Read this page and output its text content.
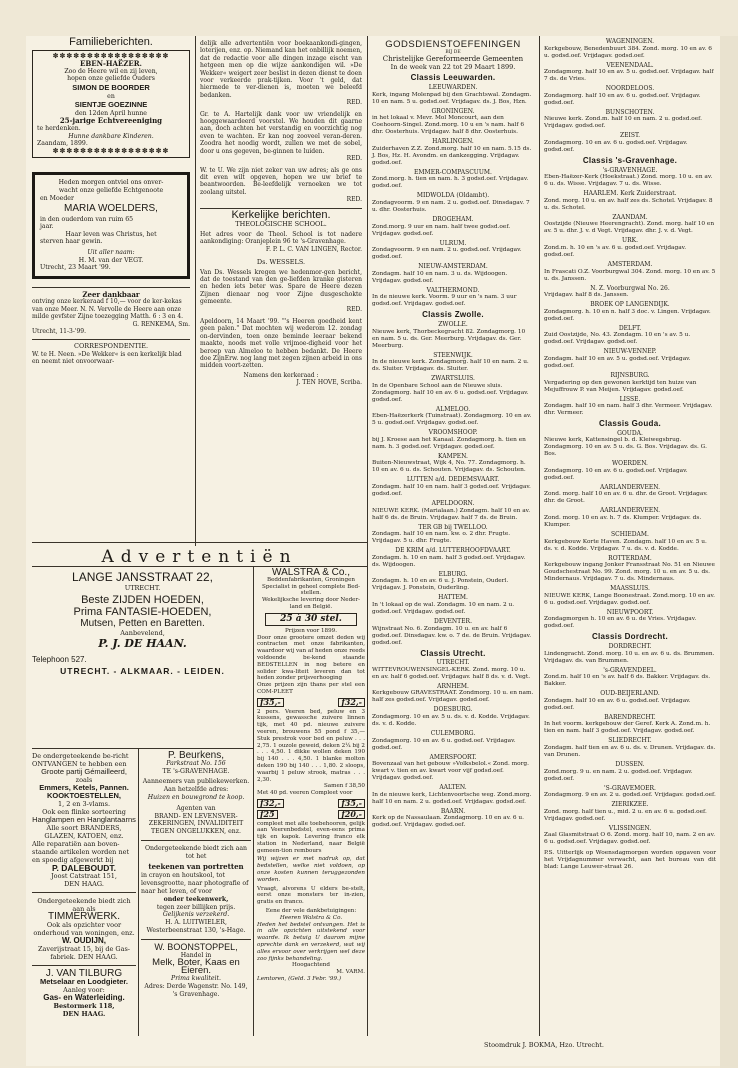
Familieberichten.
✽✽✽✽✽✽✽✽✽✽✽✽✽✽✽✽✽
EBEN-HAËZER.
Zoo de Heere wil en zij leven,
hopen onze geliefde Ouders
SIMON DE BOORDER
en
SIENTJE GOEZINNE
den 12den April hunne
25-jarige Echtvereeniging
te herdenken.
Hunne dankbare Kinderen.
Zaandam, 1899.
✽✽✽✽✽✽✽✽✽✽✽✽✽✽✽✽✽
Heden morgen ontviel ons onver-
wacht onze geliefde Echtgenoote
en Moeder
MARIA WOELDERS,
in den ouderdom van ruim 65
jaar.
Haar leven was Christus, het
sterven haar gewin.
Uit aller naam:
H. M. van der VEGT.
Utrecht, 23 Maart '99.
Zeer dankbaar
ontving onze kerkeraad f 10,— voor de ker-kekas van onze Meer. N. N. Vervolle de Heere aan onze milde gevfster Zijne toezegging Matth. 6 : 3 en 4.
G. RENKEMA, Sm.
Utrecht, 11-3-'99.
CORRESPONDENTIE.
W. te H. Neen. »De Wekker« is een kerkelijk blad en neemt niet onvoorwaar-
delijk alle advertentiën voor boekaankondi-gingen, loterijen, enz. op. Niemand kan het onbillijk noemen, dat de redactie voor alle dingen inzage eischt van hetgeen men op die wijze aankondigen wil. »De Wekker« weigert zeer beslist in dezen dienst te doen voor verkeerde prak-tijken. Voor 't geld, dat hiermede te ver-dienen is, moeten we beleefd bedanken.
RED.
Gr. te A. Hartelijk dank voor uw vriendelijk en hooggewaardeerd voorstel. We houden dit gaarne aan, doch achten het verstandig en voorzichtig nog even te wachten. Er kan nog zooveel veran-deren. Zoodra het noodig wordt, zullen we met de sobel, door u ons gegeven, be-ginnen te luiden.
RED.
W. te U. We zijn niet zeker van uw adres; als ge ons dit even wilt opgeven, hopen we uw brief te beantwoorden. Be-leefdelijk vernoeken we tot zoolang uitstel.
RED.
Kerkelijke berichten.
THEOLOGISCHE SCHOOL.
Het adres voor de Theol. School is tot nadere aankondiging: Oranjeplein 96 te 's-Gravenhage.
F. P. L. C. VAN LINGEN, Rector.
Ds. WESSELS.
Van Ds. Wessels kregen we hedenmor-gen bericht, dat de toestand van den ge-liefden kranke gisteren en heden iets beter was. Spare de Heere dezen Zijnen dienaar nog voor Zijne dusgeschokte gemeente.
RED.
Apeldoorn, 14 Maart '99. "'s Heeren goedheid kent geen palen." Dat mochten wij wederom 12. zondag on-dervinden, toen onze beminde leeraar bekend maakte, noods met volle vrijmoe-digheid voor het beroep van Almeloo te hebben bedankt. De Heere doe ZijnErw. nog lang met zegen zijnen arbeid in ons midden voort-zetten.
Namens den kerkeraad :
J. TEN HOVE, Scriba.
Advertentiën
LANGE JANSSTRAAT 22,
UTRECHT.
Beste ZIJDEN HOEDEN,
Prima FANTASIE-HOEDEN,
Mutsen, Petten en Baretten.
Aanbevelend,
P. J. DE HAAN.
Telephoon 527.
UTRECHT. - ALKMAAR. - LEIDEN.
De ondergeteekende be-richt ONTVANGEN te hebben een
Groote partij Gémailleerd,
zoals
Emmers, Ketels, Pannen.
KOOKTOESTELLEN,
1, 2 en 3-vlams.
Ook een flinke sorteering
Hanglampen en Hanglantaarns
Alle soort BRANDERS, GLAZEN, KATOEN, enz.
Alle reparatiën aan boven-staande artikelen worden net en spoedig afgewerkt bij
P. DALEBOUDT.
Joost Catstraat 151,
DEN HAAG.
Ondergeteekende biedt zich aan als
TIMMERWERK.
Ook als opzichter voor onderhoud van woningen, enz.
W. OUDIJN,
Zaverijstraat 15, bij de Gas-fabriek. DEN HAAG.
J. VAN TILBURG
Metselaar en Loodgieter.
Aanleg voor:
Gas- en Waterleiding.
Bestormerk 118,
DEN HAAG.
P. Beurkens,
Parkstraat No. 156
TE 's-GRAVENHAGE.
Aanneemers van publiekewerken.
Aan hetzelfde adres:
Huizen en bouwgrond te koop.
Agenten van
BRAND- EN LEVENSVER-ZEKERINGEN, INVALIDITEIT TEGEN ONGELUKKEN, enz.
Ondergeteekende biedt zich aan tot het
teekenen van portretten
in crayon en houtskool, tot levensgrootte, naar photografie of naar het leven, of voor
onder teekenwerk,
tegen zeer billijken prijs.
Gelijkenis verzekerd.
H. A. LUITWIELER,
Westerbeenstraat 130, 's-Hage.
W. BOONSTOPPEL,
Handel in
Melk, Boter, Kaas en
Eieren.
Prima kwaliteit.
Adres: Derde Wagenstr. No. 149, 's Gravenhage.
WALSTRA & Co.,
Beddenfabrikanten, Groningen
Specialist in geheel complete Bed-stellen.
Wekelijksche levering door Neder-land en België.
25 à 30 stel.
Prijzen voor 1899.
Door onze grootere omzet deden wij contracten met onze fabrikanten, waardoor wij van af heden onze reeds voldoende be-kend staande BEDSTELLEN in nog betere en solider kwa-liteit leveren dan tot heden zonder prijsverhooging
Onze prijzen zijn thans per stel een COM-PLEET
f35,-	f32,-
2 pers. Veeren bed, peluw en 3 kussens, gewassche zuivere linnen tijk, met 40 pd. nieuwe zuivere veeren, brouwens 55 pond f 35,— Stuk prestrok voor bed en peluw . . . 2,75. 1 ouzole geweid, deken 2¼ bij 2 . . . 4,50. 1 dikke wollen deken 190 bij 140 . . . 4,50. 1 blanke molton deken 190 bij 140 . . . 1,80. 2 sloops, waarbij 1 peluw strook, matras . . . 2,30.
Samen f 38,50
Met 40 pd. veeren Compleet voor
f32,-	f35,-
f25	f20,-
compleet met alle toebehooren, gelijk aan Veerenbedstel, even-eens prima tijk en kapok. Levering franco elk station in Nederland, naar België gemeen-tion rembours
Wij wijzen er met nadruk op, dat bedstellen, welke niet voldoen, op onze kosten kunnen teruggezonden worden.
Vraagt, alvorens U elders be-stelt, eerst onze monsters ter in-zien, gratis en franco.
Eene der vele dankbetuigingen:
Heeren Walstra & Co.
Heden het bedstel ontvangen. Het is in alle opzichten uitstekend voor waarde. Ik betuig U daarom mijne oprechte dank en verzekerd, wat wij alles ervoor over verkrijgen wel deze zoo fijnks behandeling.
Hoogachtend
M. VARM.
Lemtoren, (Geld. 3 Febr. '99.)
GODSDIENSTOEFENINGEN
BIJ DE
Christelijke Gereformeerde Gemeenten
In de week van 22 tot 29 Maart 1899.
Classis Leeuwarden.
LEEUWARDEN.
Kerk, ingang Molenpad bij den Grachtswal. Zondagm. 10 en nam. 5 u. godsd.oef. Vrijdagav. ds. J. Bos, Hzn.
GRONINGEN.
in het lokaal v. Mevr. Mol Moncourt, aan den Coehoorn-Singel. Zond.morg. 10 u en 's nam. half 6 dhr. Oosterhuis. Vrijdagav. half 8 dhr. Oosterhuis.
HARLINGEN.
Zuiderhaven Z.Z. Zond.morg. half 10 en nam. 5.15 ds. J. Bos, Hz. H. Avondm. en dankzegging. Vrijdagav. godsd.oef.
EMMER-COMPASCUUM.
Zond.morg. h. tien en nam. h. 3 godsd.oef. Vrijdagav. godsd.oef.
MIDWOLDA (Oldambt).
Zondagvoorm. 9 en nam. 2 u. godsd.oef. Dinsdagav. 7 u. dhr. Oosterhuis.
DROGEHAM.
Zond.morg. 9 uur en nam. half twee godsd.oef. Vrijdagav. godsd.oef.
ULRUM.
Zondagvoorm. 9 en nam. 2 u. godsd.oef. Vrijdagav. godsd.oef.
NIEUW-AMSTERDAM.
Zondagm. half 10 en nam. 3 u. ds. Wijdoogen. Vrijdagav. godsd.oef.
VALTHERMOND.
In de nieuwe kerk. Voorm. 9 uur en 's nam. 3 uur godsd.oef. Vrijdagav. godsd.oef.
Classis Zwolle.
ZWOLLE.
Nieuwe kerk, Thorbeckegracht 82. Zondagmorg. 10 en nam. 5 u. ds. Ger. Meerburg. Vrijdagav. ds. Ger. Meerburg.
STEENWIJK.
In de nieuwe kerk. Zondagmorg. half 10 en nam. 2 u. ds. Sluiter. Vrijdagav. ds. Sluiter.
ZWARTSLUIS.
In de Openbare School aan de Nieuwe sluis. Zondagmorg. half 10 en av. 6 u. godsd.oef. Vrijdagav. godsd.oef.
ALMELOO.
Eben-Haëzerkerk (Tuinstraat). Zondagmorg. 10 en av. 5 u. godsd.oef. Vrijdagav. godsd.oef.
VROOMSHOOP.
bij J. Kroese aan het Kanaal. Zondagmorg. h. tien en nam. h. 3 godsd.oef. Vrijdagav. godsd.oef.
KAMPEN.
Buiten-Nieuwstraat, Wijk 4, No. 77. Zondagmorg. h. 10 en av. 6 u. ds. Schouten. Vrijdagav. ds. Schouten.
LUTTEN a/d. DEDEMSVAART.
Zondagm. half 10 en nam. half 3 godsd.oef. Vrijdagav. godsd.oef.
APELDOORN.
NIEUWE KERK. (Marialaan.) Zondagm. half 10 en av. half 6 ds. de Bruin. Vrijdagav. half 7 ds. de Bruin.
TER GB bij TWELLOO.
Zondagm. half 10 en nam. kw. o. 2 dhr. Frugte. Vrijdagav. 5 u. dhr. Frugte.
DE KRIM a/d. LUTTERHOOFDVAART.
Zondagm. h. 10 en nam. half 3 godsd.oef. Vrijdagav. ds. Wijdoogen.
ELBURG.
Zondagm. h. 10 en av. 6 u. J. Ponstein, Ouderl. Vrijdagav. J. Ponstein, Ouderling.
HATTEM.
In 't lokaal op de wal. Zondagm. 10 en nam. 2 u. godsd.oef. Vrijdagav. godsd.oef.
DEVENTER.
Wijnstraat No. 6. Zondagm. 10 u. en av. half 6 godsd.oef. Dinsdagav. kw. o. 7 de. de Bruin. Vrijdagav. godsd.oef.
Classis Utrecht.
UTRECHT.
WITTEVROUWENSINGEL-KERK. Zond. morg. 10 u. en av. half 6 godsd.oef. Vrijdagav. half 8 ds. v. d. Vegt.
ARNHEM.
Kerkgebouw GRAVESTRAAT. Zondmorg. 10 u. en nam. half zes godsd.oef. Vrijdagav. godsd.oef.
DOESBURG.
Zondagmorg. 10 en av. 5 u. ds. v. d. Kodde. Vrijdagav. ds. v. d. Kodde.
CULEMBORG.
Zondagmorg. 10 en av. 6 u. godsd.oef. Vrijdagav. godsd.oef.
AMERSFOORT.
Bovenzaal van het gebouw »Volksbelol.« Zond. morg. kwart v. tien en av. kwart voor vijf godsd.oef. Vrijdagav. godsd.oef.
AALTEN.
In de nieuwe kerk, Lichtenvoortsche weg. Zond.morg. half 10 en nam. 2 u. godsd.oef. Vrijdagav. godsd.oef.
BAARN.
Kerk op de Nassaulaan. Zondagmorg. 10 en av. 6 u. godsd.oef. Vrijdagav. godsd.oef.
WAGENINGEN.
Kerkgebouw, Benedenbuurt 384. Zond. morg. 10 en av. 6 u. godsd.oef. Vrijdagav. godsd.oef.
VEENENDAAL.
Zondagmorg. half 10 en av. 5 u. godsd.oef. Vrijdagav. half 7 ds. de Vries.
NOORDELOOS.
Zondagmorg. half 10 en av. 6 u. godsd.oef. Vrijdagav. godsd.oef.
BUNSCHOTEN.
Nieuwe kerk. Zond.m. half 10 en nam. 2 u. godsd.oef. Vrijdagav. godsd.oef.
ZEIST.
Zondagmorg. 10 en av. 6 u. godsd.oef. Vrijdagav. godsd.oef.
Classis 's-Gravenhage.
's-GRAVENHAGE.
Eben-Haëzer-Kerk (Hoekstraat.) Zond. morg. 10 u. en av. 6 u. ds. Wisse. Vrijdagav. 7 u. ds. Wisse.
HAARLEM. Kerk Zuiderstraat.
Zond. morg. 10 u. en av. half zes ds. Schotel. Vrijdagav. 8 u. ds. Schotel.
ZAANDAM.
Oostzijde (Nieuwe Heerengracht). Zond. morg. half 10 en av. 5 u. dhr. J. v. d Vegt. Vrijdagav. dhr. J. v. d. Vegt.
URK.
Zond.m. h. 10 en 's av. 6 u. godsd.oef. Vrijdagav. godsd.oef.
AMSTERDAM.
In Frascati O.Z. Voorburgwal 304. Zond. morg. 10 en av. 5 u. ds. Janssen.
N. Z. Voorburgwal No. 26.
Vrijdagav. half 8 ds. Janssen.
BROEK OP LANGENDIJK.
Zondagmorg. h. 10 en n. half 3 doc. v. Lingen. Vrijdagav. godsd.oef.
DELFT.
Zuid Oostzijde, No. 43. Zondagm. 10 en 's av. 5 u. godsd.oef. Vrijdagav. godsd.oef.
NIEUW-VENNEP.
Zondagm. half 10 en av. 5 u. godsd.oef. Vrijdagav. godsd.oef.
RIJNSBURG.
Vergadering op den gewonen kerktijd ten huize van Mejuffrouw P. van Meijen. Vrijdagav. godsd.oef.
LISSE.
Zondagm. half 10 en nam. half 3 dhr. Vermeer. Vrijdagav. dhr. Vermeer.
Classis Gouda.
GOUDA.
Nieuwe kerk, Kattensingel b. d. Kleiwegsbrug. Zondagmorg. 10 en av. 5 u. ds. G. Bos. Vrijdagav. ds. G. Bos.
WOERDEN.
Zondagmorg. 10 en av. 6 u. godsd.oef. Vrijdagav. godsd.oef.
AARLANDERVEEN.
Zond. morg. half 10 en av. 6 u. dhr. de Groot. Vrijdagav. dhr. de Groot.
AARLANDERVEEN.
Zond. morg. 10 en av. h. 7 ds. Klumper. Vrijdagav. ds. Klumper.
SCHIEDAM.
Kerkgebouw Korte Haven. Zondagm. half 10 en av. 5 u. ds. v. d. Kodde. Vrijdagav. 7 u. ds. v. d. Kodde.
ROTTERDAM.
Kerkgebouw ingang Jonker Fransstraat No. 51 en Nieuwe Goudschestraat No. 99. Zond. morg. 10 u. en av. 5 u. ds. Mindernaus. Vrijdagav. 7 u. ds. Mindernaus.
MAASSLUIS.
NIEUWE KERK, Lange Boonestraat. Zond.morg. 10 en av. 6 u. godsd.oef. Vrijdagav. godsd.oef.
NIEUWPOORT.
Zondagmorgen h. 10 en av. 6 u. de Vries. Vrijdagav. godsd.oef.
Classis Dordrecht.
DORDRECHT.
Lindengracht. Zond. morg. 10 u. en av. 6 u. ds. Brummen. Vrijdagav. ds. van Brummen.
's-GRAVENDEEL.
Zond.m. half 10 en 's av. half 6 ds. Bakker. Vrijdagav. ds. Bakker.
OUD-BEIJERLAND.
Zondagm. half 10 en av. 6 u. godsd.oef. Vrijdagav. godsd.oef.
BARENDRECHT.
In het voorm. kerkgebouw der Geref. Kerk A. Zond.m. h. tien en nam. half 3 godsd.oef. Vrijdagav. godsd.oef.
SLIEDRECHT.
Zondagm. half tien en av. 6 u. ds. v. Drunen. Vrijdagav. ds. van Drunen.
DUSSEN.
Zond.morg. 9 u. en nam. 2 u. godsd.oef. Vrijdagav. godsd.oef.
'S-GRAVEMOER.
Zondagmorg. 9 en av. 2 u. godsd.oef. Vrijdagav. godsd.oef.
ZIERIKZEE.
Zond. morg. half tien u., mid. 2 u. en av. 6 u. godsd.oef. Vrijdagav. godsd.oef.
VLISSINGEN.
Zaal Glasmitstraat O 6. Zond. morg. half 10, nam. 2 en av. 6 u. godsd.oef. Vrijdagav. godsd.oef.
P.S. Uitterlijk op Woensdagmorgen worden opgaven voor het Vrijdagnummer verwacht, aan het bureau van dit blad: Lange Leuwer-straat 26.
Stoomdruk J. BOKMA, Hzo. Utrecht.
